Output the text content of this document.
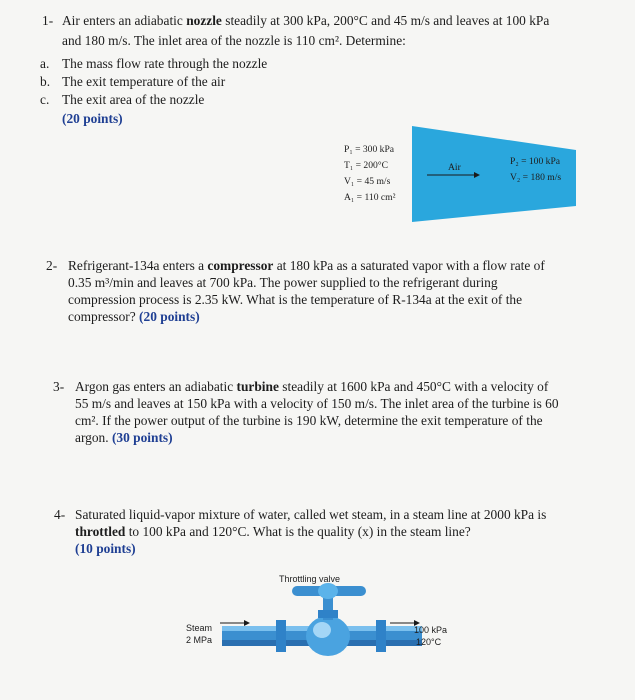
1- Air enters an adiabatic nozzle steadily at 300 kPa, 200°C and 45 m/s and leaves at 100 kPa
and 180 m/s. The inlet area of the nozzle is 110 cm². Determine:
a. The mass flow rate through the nozzle
b. The exit temperature of the air
c. The exit area of the nozzle
(20 points)
P₁ = 300 kPa
T₁ = 200°C
V₁ = 45 m/s
A₁ = 110 cm²
Air
P₂ = 100 kPa
V₂ = 180 m/s
2- Refrigerant-134a enters a compressor at 180 kPa as a saturated vapor with a flow rate of
0.35 m³/min and leaves at 700 kPa. The power supplied to the refrigerant during
compression process is 2.35 kW. What is the temperature of R-134a at the exit of the
compressor? (20 points)
3- Argon gas enters an adiabatic turbine steadily at 1600 kPa and 450°C with a velocity of
55 m/s and leaves at 150 kPa with a velocity of 150 m/s. The inlet area of the turbine is 60
cm². If the power output of the turbine is 190 kW, determine the exit temperature of the
argon. (30 points)
4- Saturated liquid-vapor mixture of water, called wet steam, in a steam line at 2000 kPa is
throttled to 100 kPa and 120°C. What is the quality (x) in the steam line?
(10 points)
Throttling valve
Steam
2 MPa
100 kPa
120°C
